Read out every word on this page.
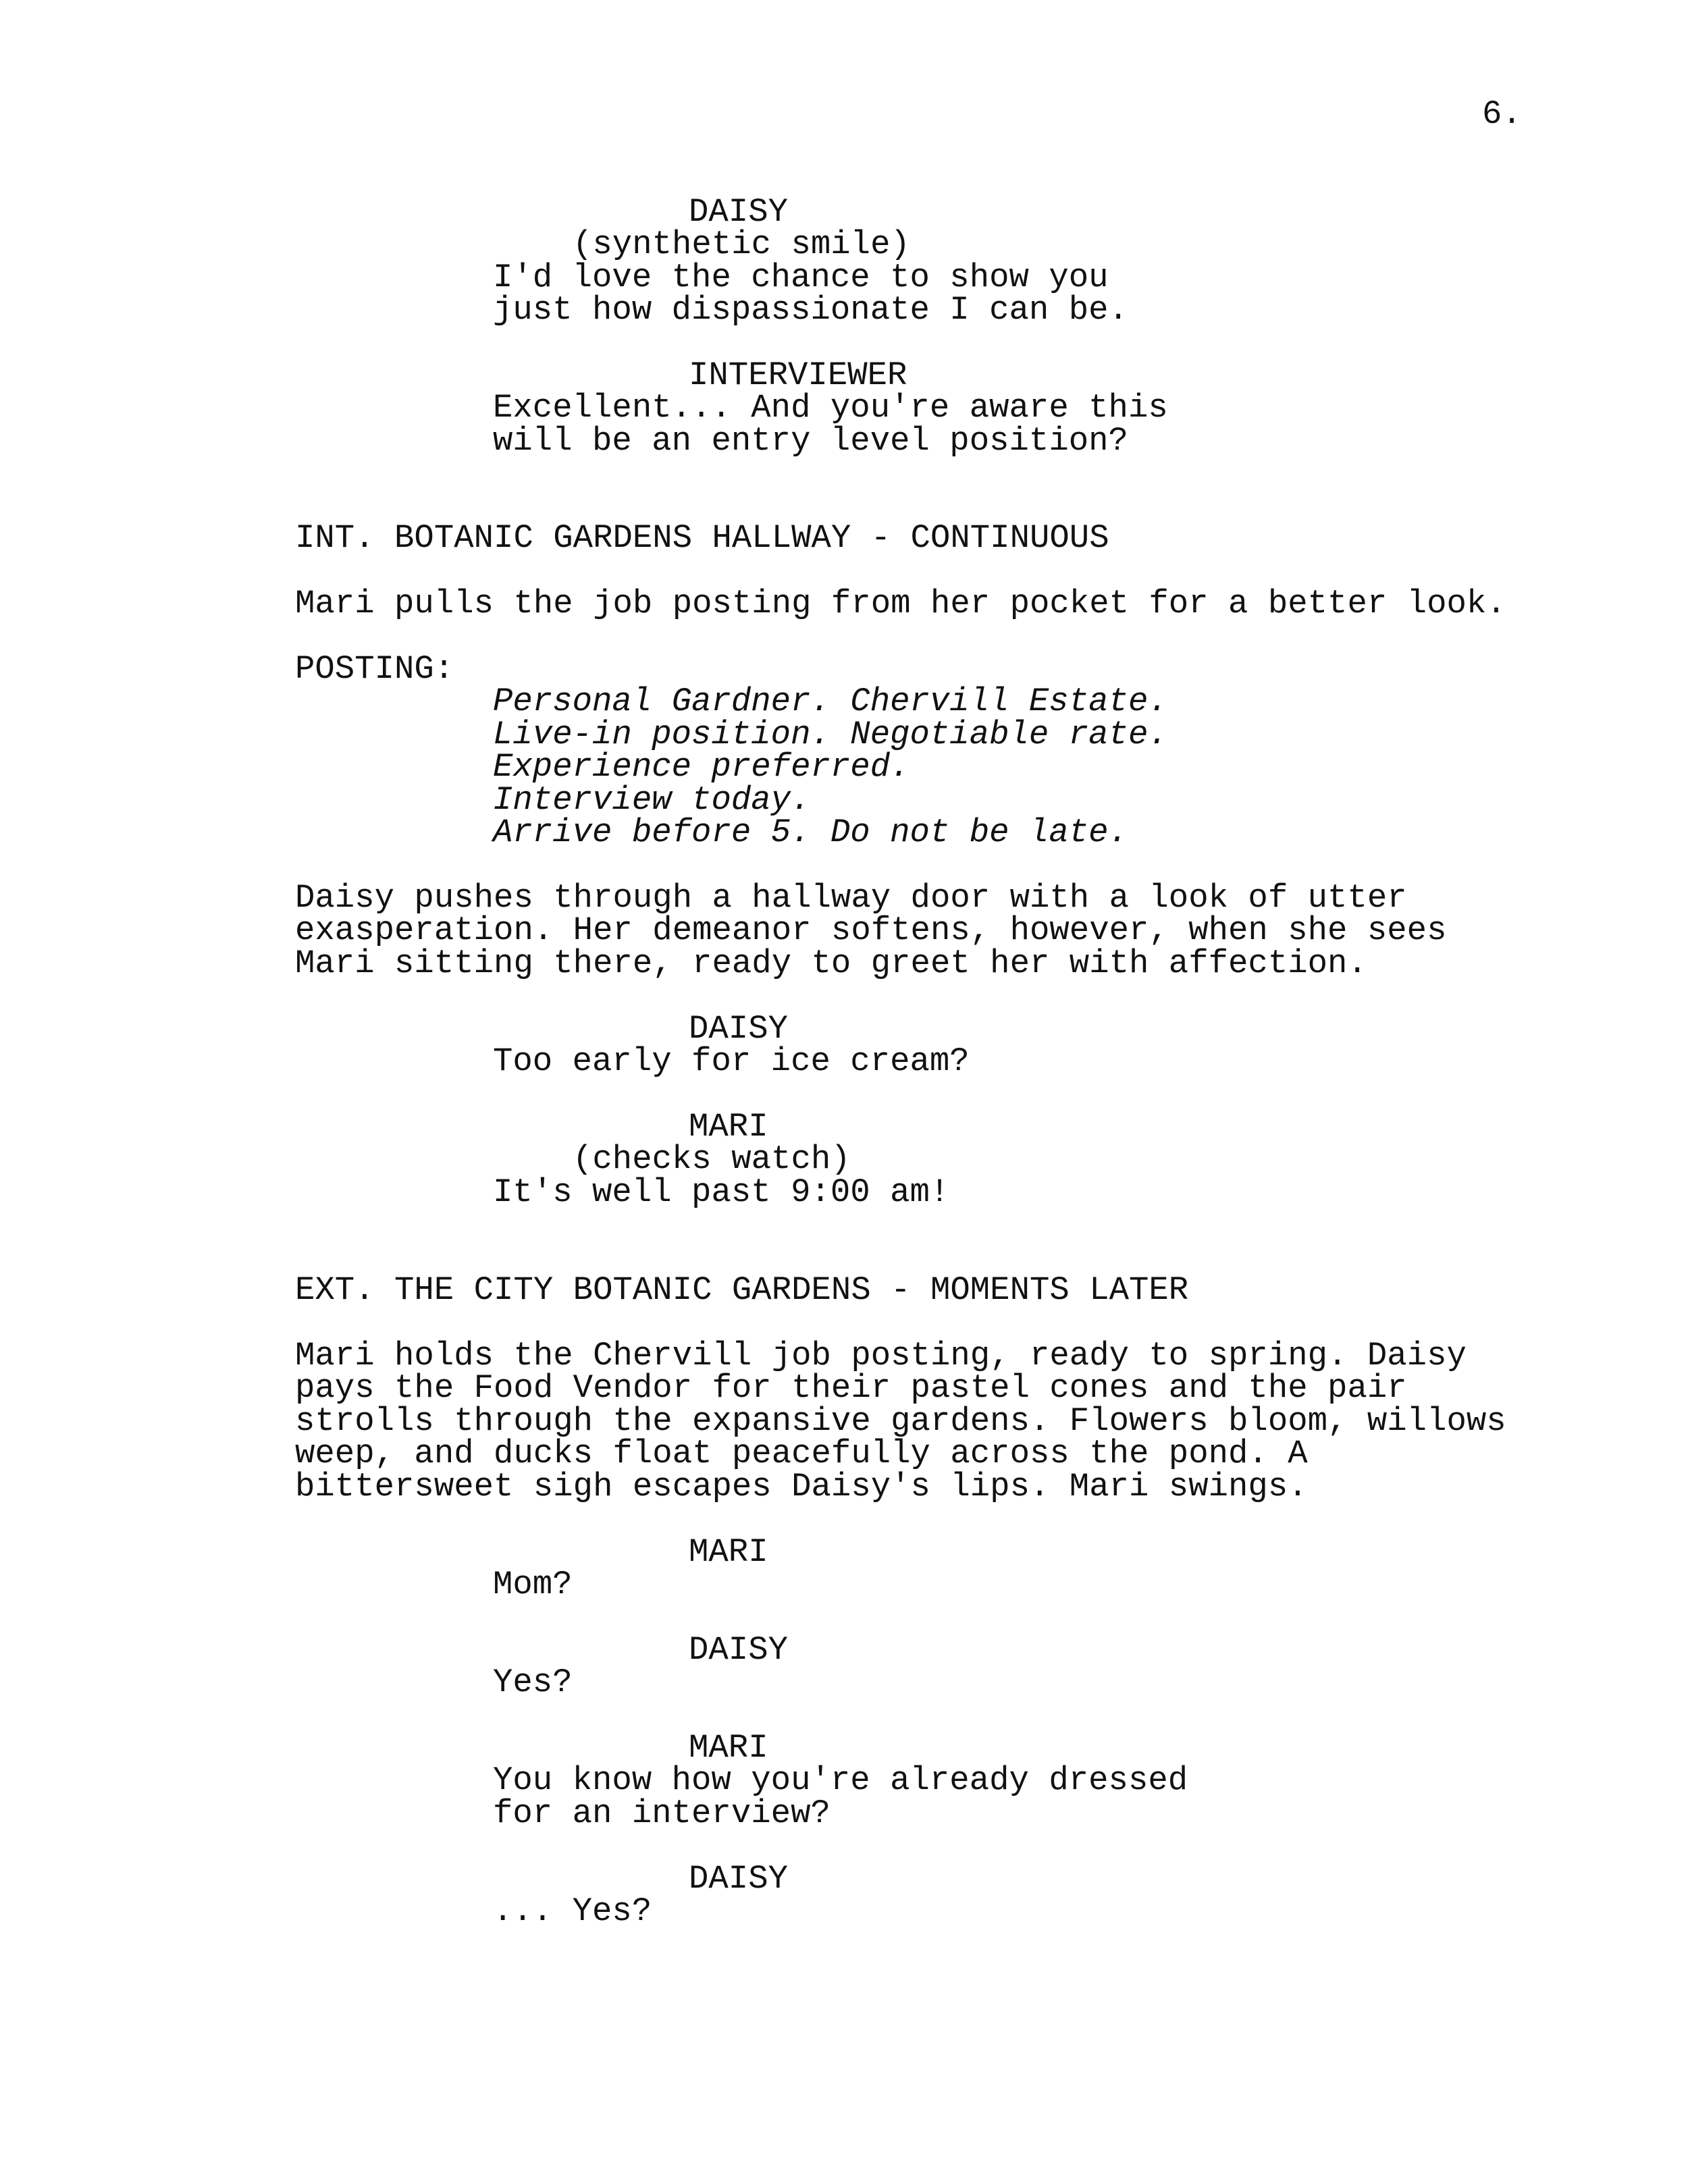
6.
DAISY
(synthetic smile)
I'd love the chance to show you
just how dispassionate I can be.
INTERVIEWER
Excellent... And you're aware this
will be an entry level position?
INT. BOTANIC GARDENS HALLWAY - CONTINUOUS
Mari pulls the job posting from her pocket for a better look.
POSTING:
Personal Gardner. Chervill Estate.
Live-in position. Negotiable rate.
Experience preferred.
Interview today.
Arrive before 5. Do not be late.
Daisy pushes through a hallway door with a look of utter
exasperation. Her demeanor softens, however, when she sees
Mari sitting there, ready to greet her with affection.
DAISY
Too early for ice cream?
MARI
(checks watch)
It's well past 9:00 am!
EXT. THE CITY BOTANIC GARDENS - MOMENTS LATER
Mari holds the Chervill job posting, ready to spring. Daisy
pays the Food Vendor for their pastel cones and the pair
strolls through the expansive gardens. Flowers bloom, willows
weep, and ducks float peacefully across the pond. A
bittersweet sigh escapes Daisy's lips. Mari swings.
MARI
Mom?
DAISY
Yes?
MARI
You know how you're already dressed
for an interview?
DAISY
... Yes?
